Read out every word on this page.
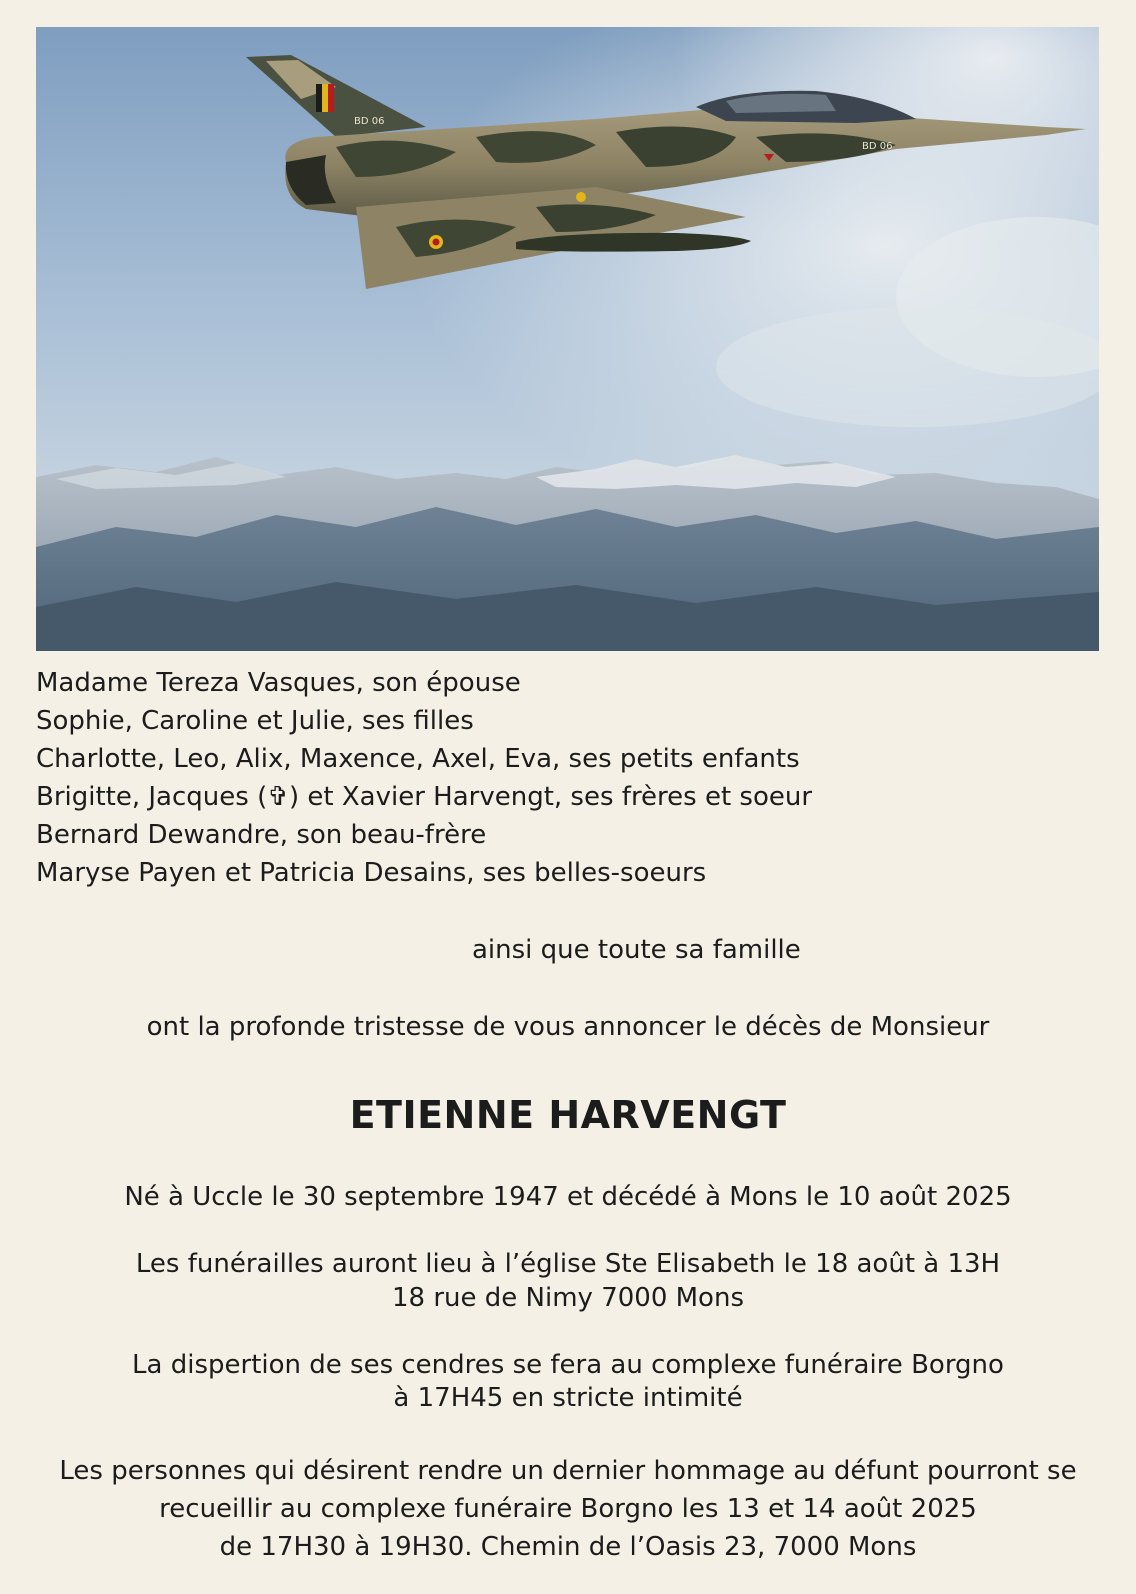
BD 06
BD 06
Madame Tereza Vasques, son épouse
Sophie, Caroline et Julie, ses filles
Charlotte, Leo, Alix, Maxence, Axel, Eva, ses petits enfants
Brigitte, Jacques (✞) et Xavier Harvengt, ses frères et soeur
Bernard Dewandre, son beau-frère
Maryse Payen et Patricia Desains, ses belles-soeurs
ainsi que toute sa famille
ont la profonde tristesse de vous annoncer le décès de Monsieur
ETIENNE HARVENGT
Né à Uccle le 30 septembre 1947 et décédé à Mons le 10 août 2025
Les funérailles auront lieu à l’église Ste Elisabeth le 18 août à 13H
18 rue de Nimy 7000 Mons
La dispertion de ses cendres se fera au complexe funéraire Borgno
à 17H45 en stricte intimité
Les personnes qui désirent rendre un dernier hommage au défunt pourront se
recueillir au complexe funéraire Borgno les 13 et 14 août 2025
de 17H30 à 19H30. Chemin de l’Oasis 23, 7000 Mons
